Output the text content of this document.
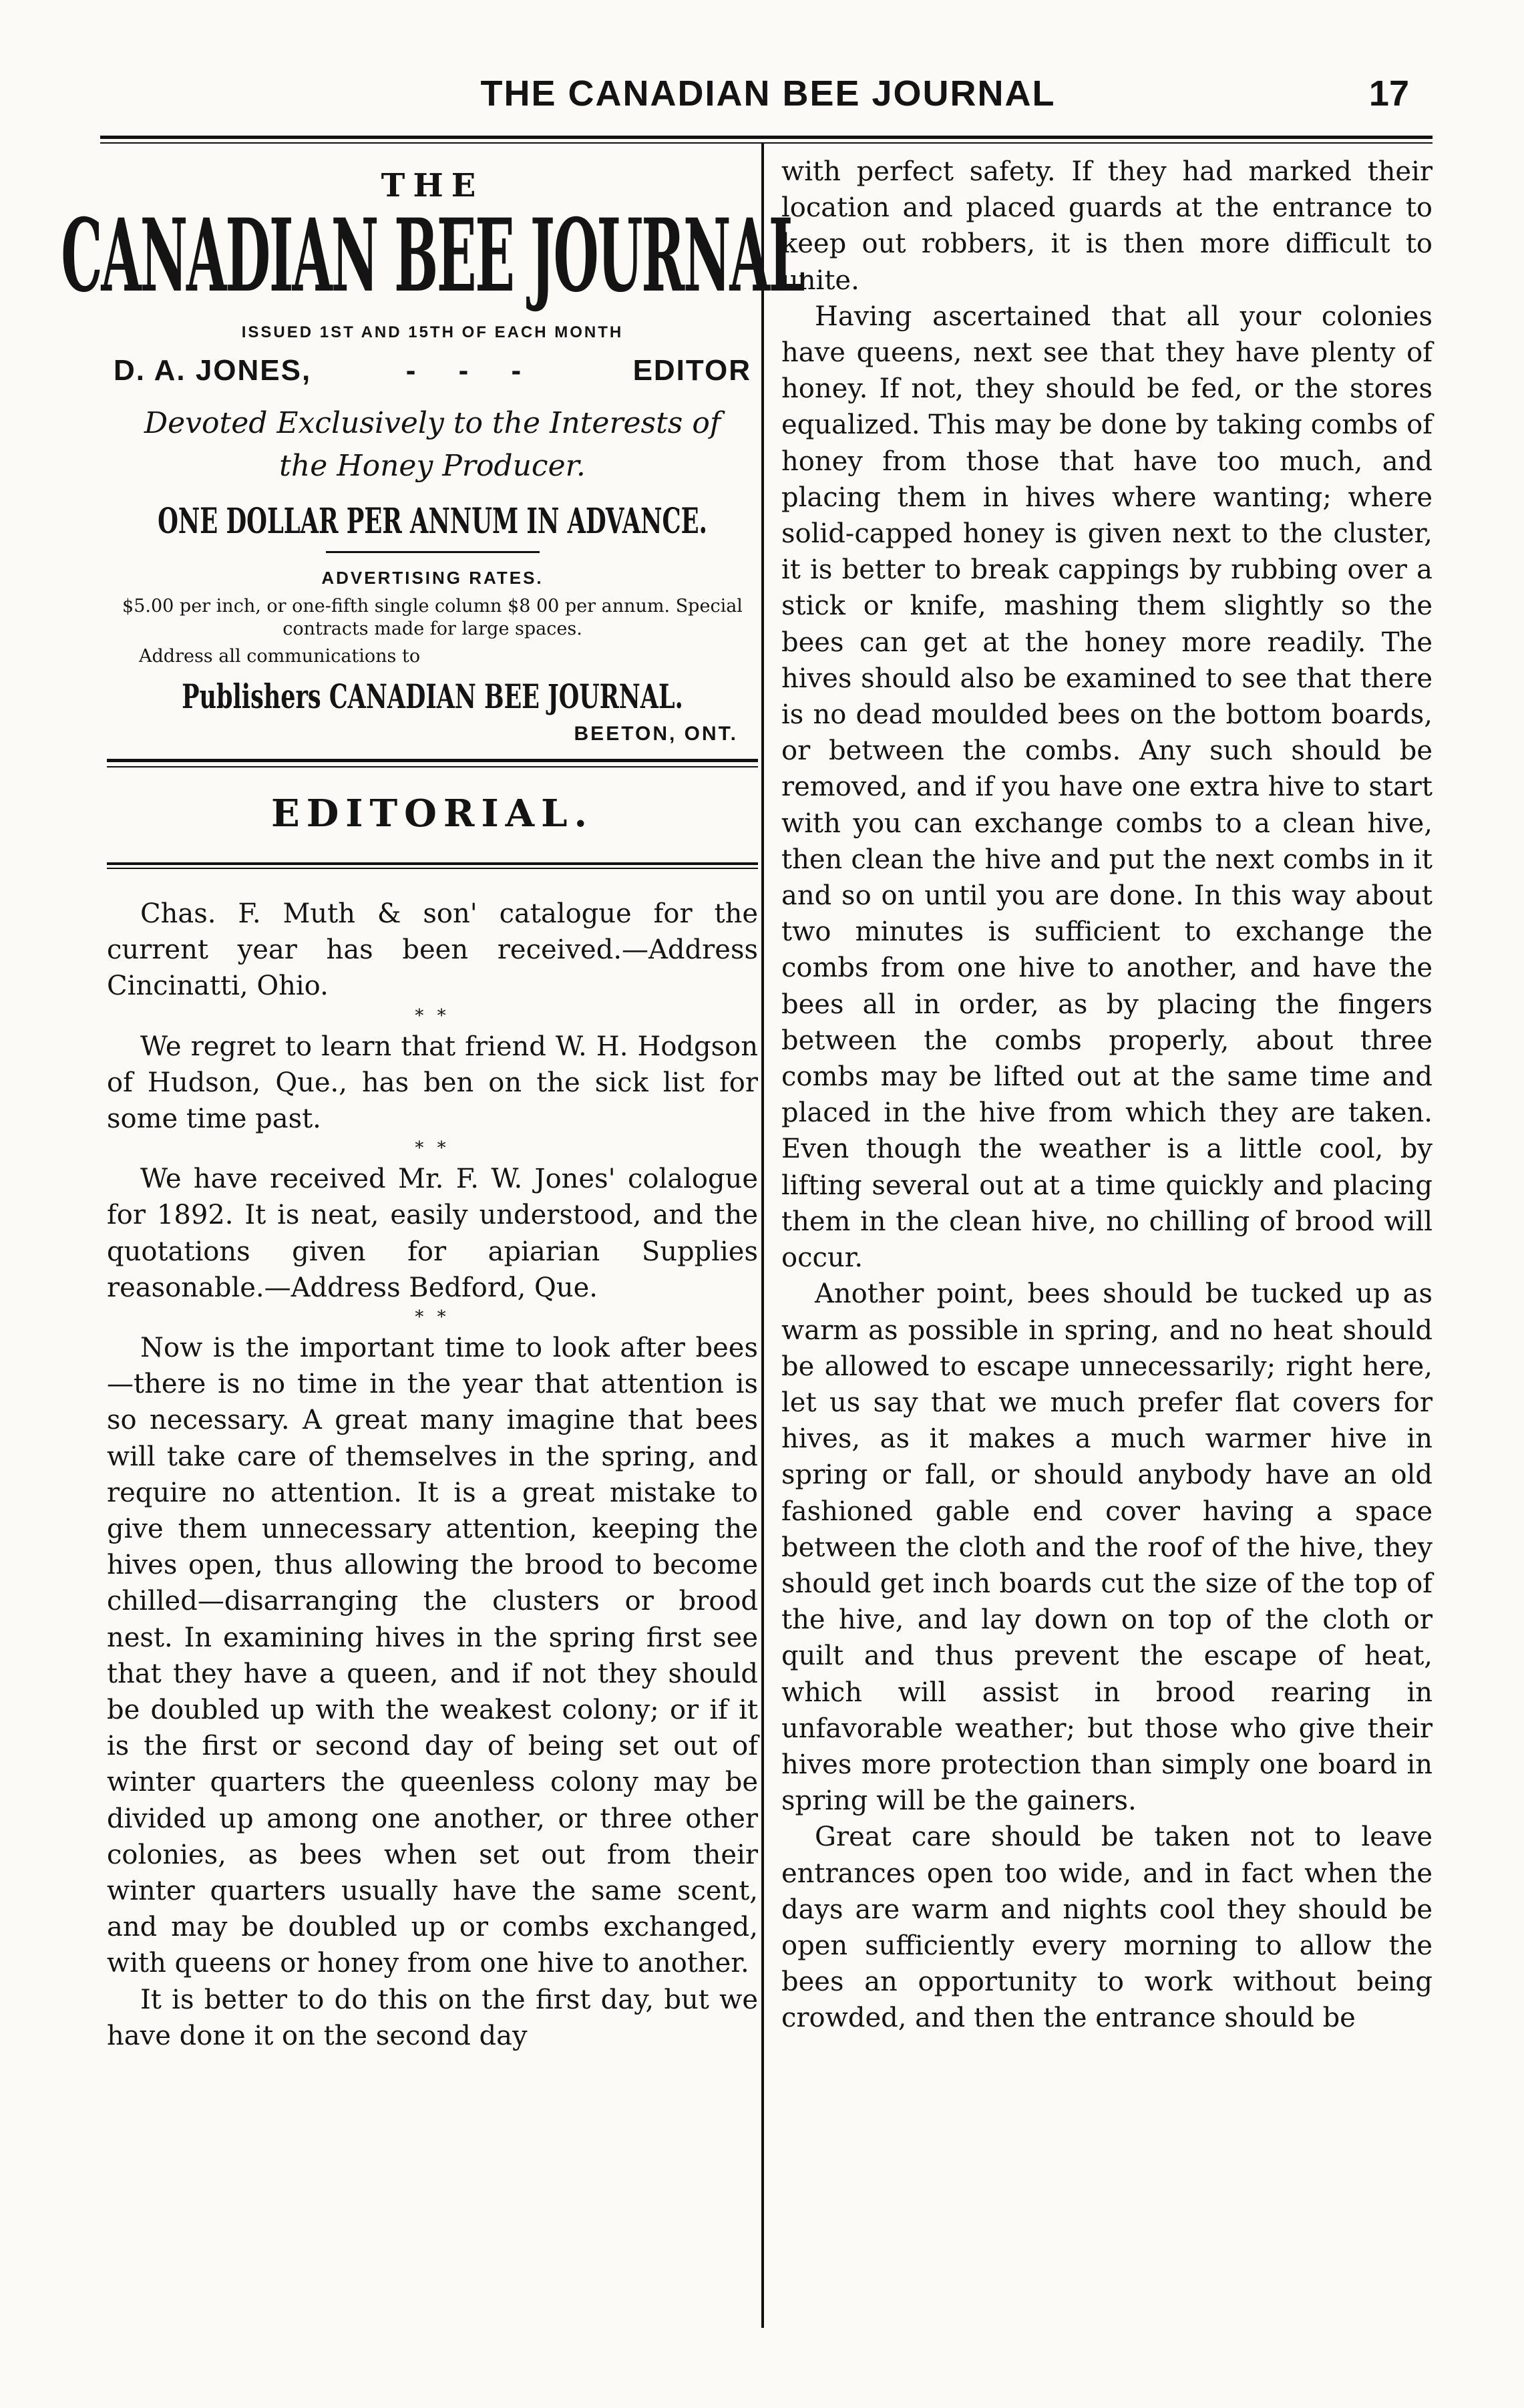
THE CANADIAN BEE JOURNAL	17
THE
CANADIAN BEE JOURNAL
ISSUED 1ST AND 15TH OF EACH MONTH
D. A. JONES,	- - -	EDITOR
Devoted Exclusively to the Interests of the Honey Producer.
ONE DOLLAR PER ANNUM IN ADVANCE.
ADVERTISING RATES.
$5.00 per inch, or one-fifth single column $8 00 per annum. Special contracts made for large spaces.
Address all communications to
Publishers CANADIAN BEE JOURNAL.
BEETON, ONT.
EDITORIAL.

Chas. F. Muth & son' catalogue for the current year has been received.—Address Cincinatti, Ohio.

* *

We regret to learn that friend W. H. Hodgson of Hudson, Que., has ben on the sick list for some time past.

* *

We have received Mr. F. W. Jones' colalogue for 1892. It is neat, easily understood, and the quotations given for apiarian Supplies reasonable.—Address Bedford, Que.

* *

Now is the important time to look after bees—there is no time in the year that attention is so necessary. A great many imagine that bees will take care of themselves in the spring, and require no attention. It is a great mistake to give them unnecessary attention, keeping the hives open, thus allowing the brood to become chilled—disarranging the clusters or brood nest. In examining hives in the spring first see that they have a queen, and if not they should be doubled up with the weakest colony; or if it is the first or second day of being set out of winter quarters the queenless colony may be divided up among one another, or three other colonies, as bees when set out from their winter quarters usually have the same scent, and may be doubled up or combs exchanged, with queens or honey from one hive to another.

It is better to do this on the first day, but we have done it on the second day

with perfect safety. If they had marked their location and placed guards at the entrance to keep out robbers, it is then more difficult to unite.

Having ascertained that all your colonies have queens, next see that they have plenty of honey. If not, they should be fed, or the stores equalized. This may be done by taking combs of honey from those that have too much, and placing them in hives where wanting; where solid-capped honey is given next to the cluster, it is better to break cappings by rubbing over a stick or knife, mashing them slightly so the bees can get at the honey more readily. The hives should also be examined to see that there is no dead moulded bees on the bottom boards, or between the combs. Any such should be removed, and if you have one extra hive to start with you can exchange combs to a clean hive, then clean the hive and put the next combs in it and so on until you are done. In this way about two minutes is sufficient to exchange the combs from one hive to another, and have the bees all in order, as by placing the fingers between the combs properly, about three combs may be lifted out at the same time and placed in the hive from which they are taken. Even though the weather is a little cool, by lifting several out at a time quickly and placing them in the clean hive, no chilling of brood will occur.

Another point, bees should be tucked up as warm as possible in spring, and no heat should be allowed to escape unnecessarily; right here, let us say that we much prefer flat covers for hives, as it makes a much warmer hive in spring or fall, or should anybody have an old fashioned gable end cover having a space between the cloth and the roof of the hive, they should get inch boards cut the size of the top of the hive, and lay down on top of the cloth or quilt and thus prevent the escape of heat, which will assist in brood rearing in unfavorable weather; but those who give their hives more protection than simply one board in spring will be the gainers.

Great care should be taken not to leave entrances open too wide, and in fact when the days are warm and nights cool they should be open sufficiently every morning to allow the bees an opportunity to work without being crowded, and then the entrance should be
